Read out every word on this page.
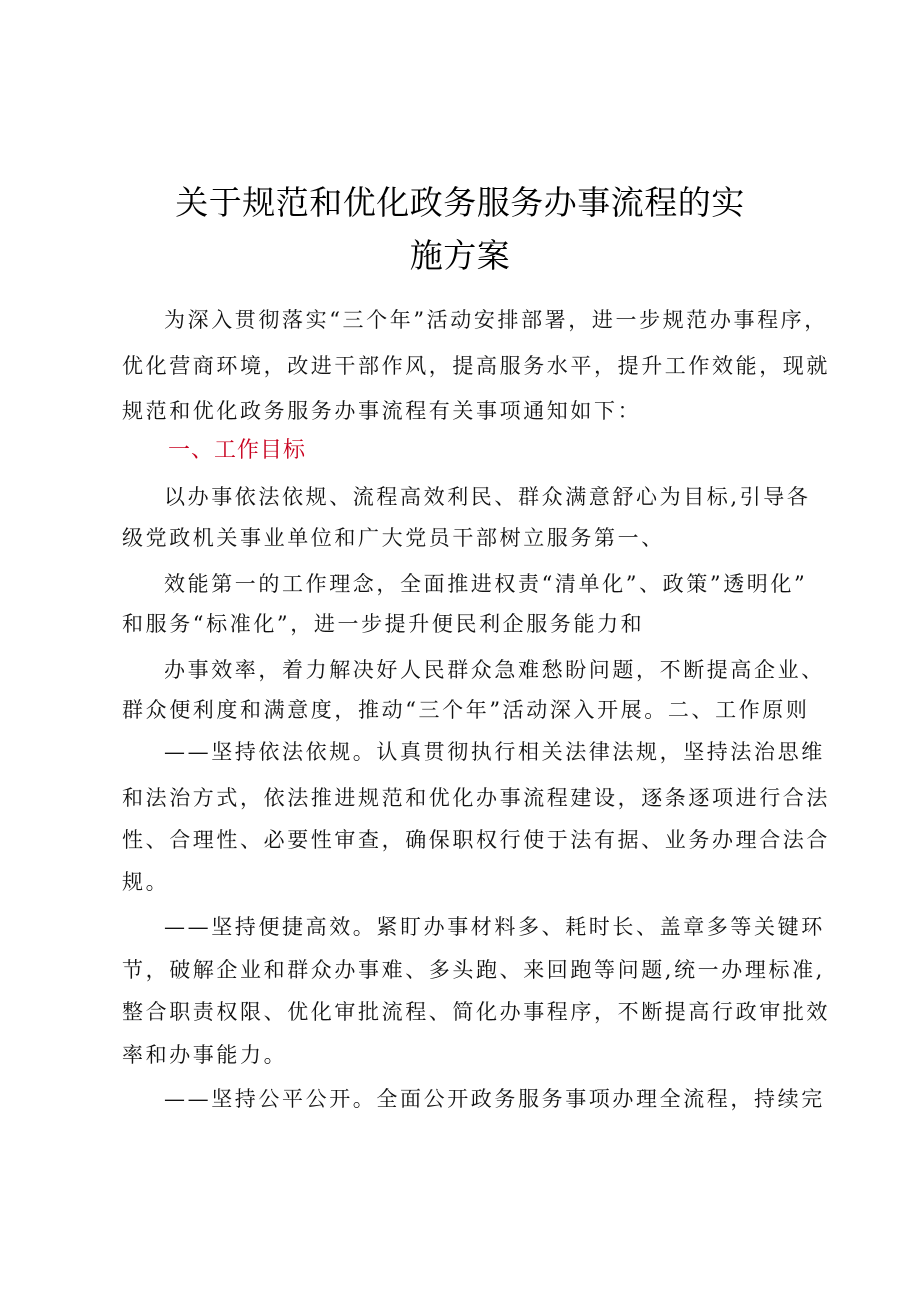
关于规范和优化政务服务办事流程的实
施方案

为深入贯彻落实“三个年”活动安排部署，进一步规范办事程序，

优化营商环境，改进干部作风，提高服务水平，提升工作效能，现就

规范和优化政务服务办事流程有关事项通知如下：

一、工作目标

以办事依法依规、流程高效利民、群众满意舒心为目标,引导各

级党政机关事业单位和广大党员干部树立服务第一、

效能第一的工作理念，全面推进权责“清单化”、政策”透明化”

和服务“标准化”，进一步提升便民利企服务能力和

办事效率，着力解决好人民群众急难愁盼问题，不断提高企业、

群众便利度和满意度，推动“三个年”活动深入开展。二、工作原则

——坚持依法依规。认真贯彻执行相关法律法规，坚持法治思维

和法治方式，依法推进规范和优化办事流程建设，逐条逐项进行合法

性、合理性、必要性审查，确保职权行使于法有据、业务办理合法合

规。

——坚持便捷高效。紧盯办事材料多、耗时长、盖章多等关键环

节，破解企业和群众办事难、多头跑、来回跑等问题,统一办理标准,

整合职责权限、优化审批流程、简化办事程序，不断提高行政审批效

率和办事能力。

——坚持公平公开。全面公开政务服务事项办理全流程，持续完
